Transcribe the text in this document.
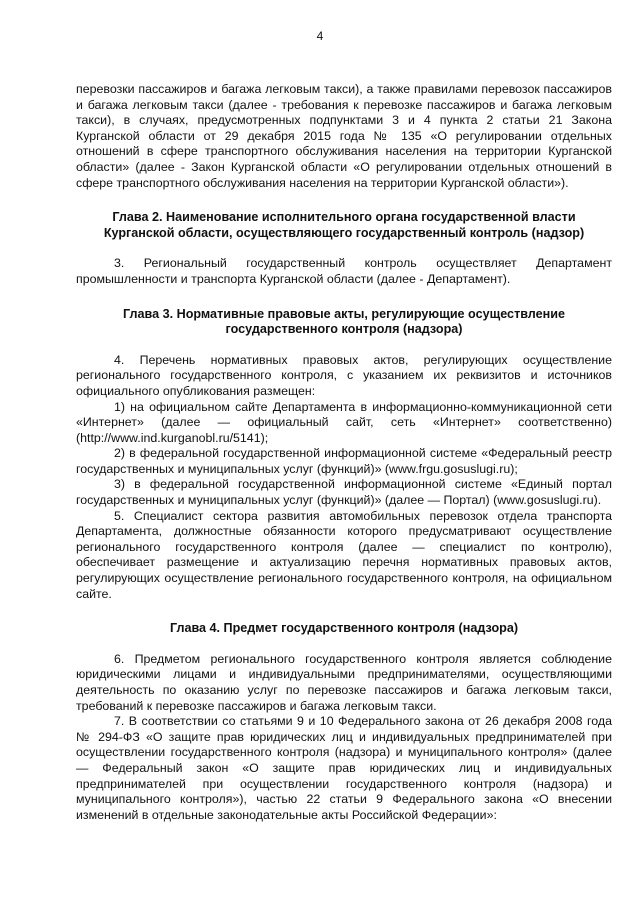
4

перевозки пассажиров и багажа легковым такси), а также правилами перевозок пассажиров и багажа легковым такси (далее - требования к перевозке пассажиров и багажа легковым такси), в случаях, предусмотренных подпунктами 3 и 4 пункта 2 статьи 21 Закона Курганской области от 29 декабря 2015 года № 135 «О регулировании отдельных отношений в сфере транспортного обслуживания населения на территории Курганской области» (далее - Закон Курганской области «О регулировании отдельных отношений в сфере транспортного обслуживания населения на территории Курганской области»).

Глава 2. Наименование исполнительного органа государственной власти Курганской области, осуществляющего государственный контроль (надзор)

3. Региональный государственный контроль осуществляет Департамент промышленности и транспорта Курганской области (далее - Департамент).

Глава 3. Нормативные правовые акты, регулирующие осуществление государственного контроля (надзора)

4. Перечень нормативных правовых актов, регулирующих осуществление регионального государственного контроля, с указанием их реквизитов и источников официального опубликования размещен:

1) на официальном сайте Департамента в информационно-коммуникационной сети «Интернет» (далее — официальный сайт, сеть «Интернет» соответственно) (http://www.ind.kurganobl.ru/5141);

2) в федеральной государственной информационной системе «Федеральный реестр государственных и муниципальных услуг (функций)» (www.frgu.gosuslugi.ru);

3) в федеральной государственной информационной системе «Единый портал государственных и муниципальных услуг (функций)» (далее — Портал) (www.gosuslugi.ru).

5. Специалист сектора развития автомобильных перевозок отдела транспорта Департамента, должностные обязанности которого предусматривают осуществление регионального государственного контроля (далее — специалист по контролю), обеспечивает размещение и актуализацию перечня нормативных правовых актов, регулирующих осуществление регионального государственного контроля, на официальном сайте.

Глава 4. Предмет государственного контроля (надзора)

6. Предметом регионального государственного контроля является соблюдение юридическими лицами и индивидуальными предпринимателями, осуществляющими деятельность по оказанию услуг по перевозке пассажиров и багажа легковым такси, требований к перевозке пассажиров и багажа легковым такси.

7. В соответствии со статьями 9 и 10 Федерального закона от 26 декабря 2008 года № 294-ФЗ «О защите прав юридических лиц и индивидуальных предпринимателей при осуществлении государственного контроля (надзора) и муниципального контроля» (далее — Федеральный закон «О защите прав юридических лиц и индивидуальных предпринимателей при осуществлении государственного контроля (надзора) и муниципального контроля»), частью 22 статьи 9 Федерального закона «О внесении изменений в отдельные законодательные акты Российской Федерации»:
